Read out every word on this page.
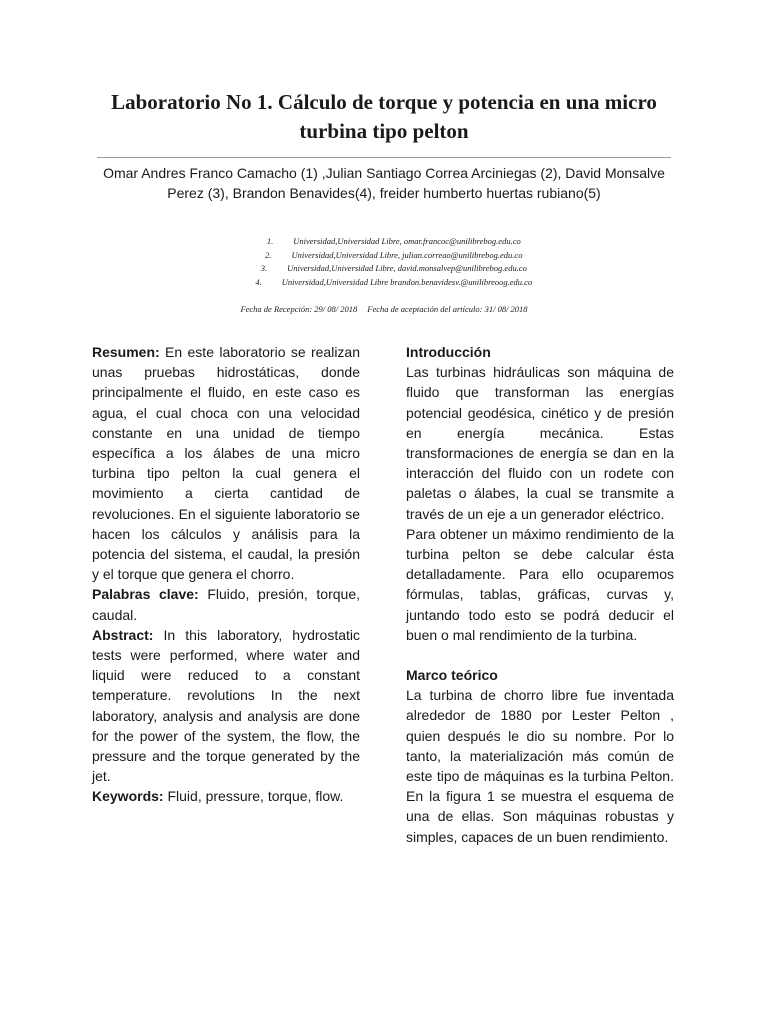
Laboratorio No 1. Cálculo de torque y potencia en una micro turbina tipo pelton
Omar Andres Franco Camacho (1) ,Julian Santiago Correa Arciniegas (2), David Monsalve Perez (3), Brandon Benavides(4), freider humberto huertas rubiano(5)
1. Universidad,Universidad Libre, omar.francoc@unilibrebog.edu.co
2. Universidad,Universidad Libre, julian.correao@unilibrebog.edu.co
3. Universidad,Universidad Libre, david.monsalvep@unilibrebog.edu.co
4. Universidad,Universidad Libre brandon.benavidesv.@unilibreoog.edu.co
Fecha de Recepción: 29/ 08/ 2018 Fecha de aceptación del artículo: 31/ 08/ 2018

Resumen: En este laboratorio se realizan unas pruebas hidrostáticas, donde principalmente el fluido, en este caso es agua, el cual choca con una velocidad constante en una unidad de tiempo específica a los álabes de una micro turbina tipo pelton la cual genera el movimiento a cierta cantidad de revoluciones. En el siguiente laboratorio se hacen los cálculos y análisis para la potencia del sistema, el caudal, la presión y el torque que genera el chorro.

Palabras clave: Fluido, presión, torque, caudal.

Abstract: In this laboratory, hydrostatic tests were performed, where water and liquid were reduced to a constant temperature. revolutions In the next laboratory, analysis and analysis are done for the power of the system, the flow, the pressure and the torque generated by the jet.

Keywords: Fluid, pressure, torque, flow.

Introducción

Las turbinas hidráulicas son máquina de fluido que transforman las energías potencial geodésica, cinético y de presión en energía mecánica. Estas transformaciones de energía se dan en la interacción del fluido con un rodete con paletas o álabes, la cual se transmite a través de un eje a un generador eléctrico.

Para obtener un máximo rendimiento de la turbina pelton se debe calcular ésta detalladamente. Para ello ocuparemos fórmulas, tablas, gráficas, curvas y, juntando todo esto se podrá deducir el buen o mal rendimiento de la turbina.

Marco teórico

La turbina de chorro libre fue inventada alrededor de 1880 por Lester Pelton , quien después le dio su nombre. Por lo tanto, la materialización más común de este tipo de máquinas es la turbina Pelton. En la figura 1 se muestra el esquema de una de ellas. Son máquinas robustas y simples, capaces de un buen rendimiento.
